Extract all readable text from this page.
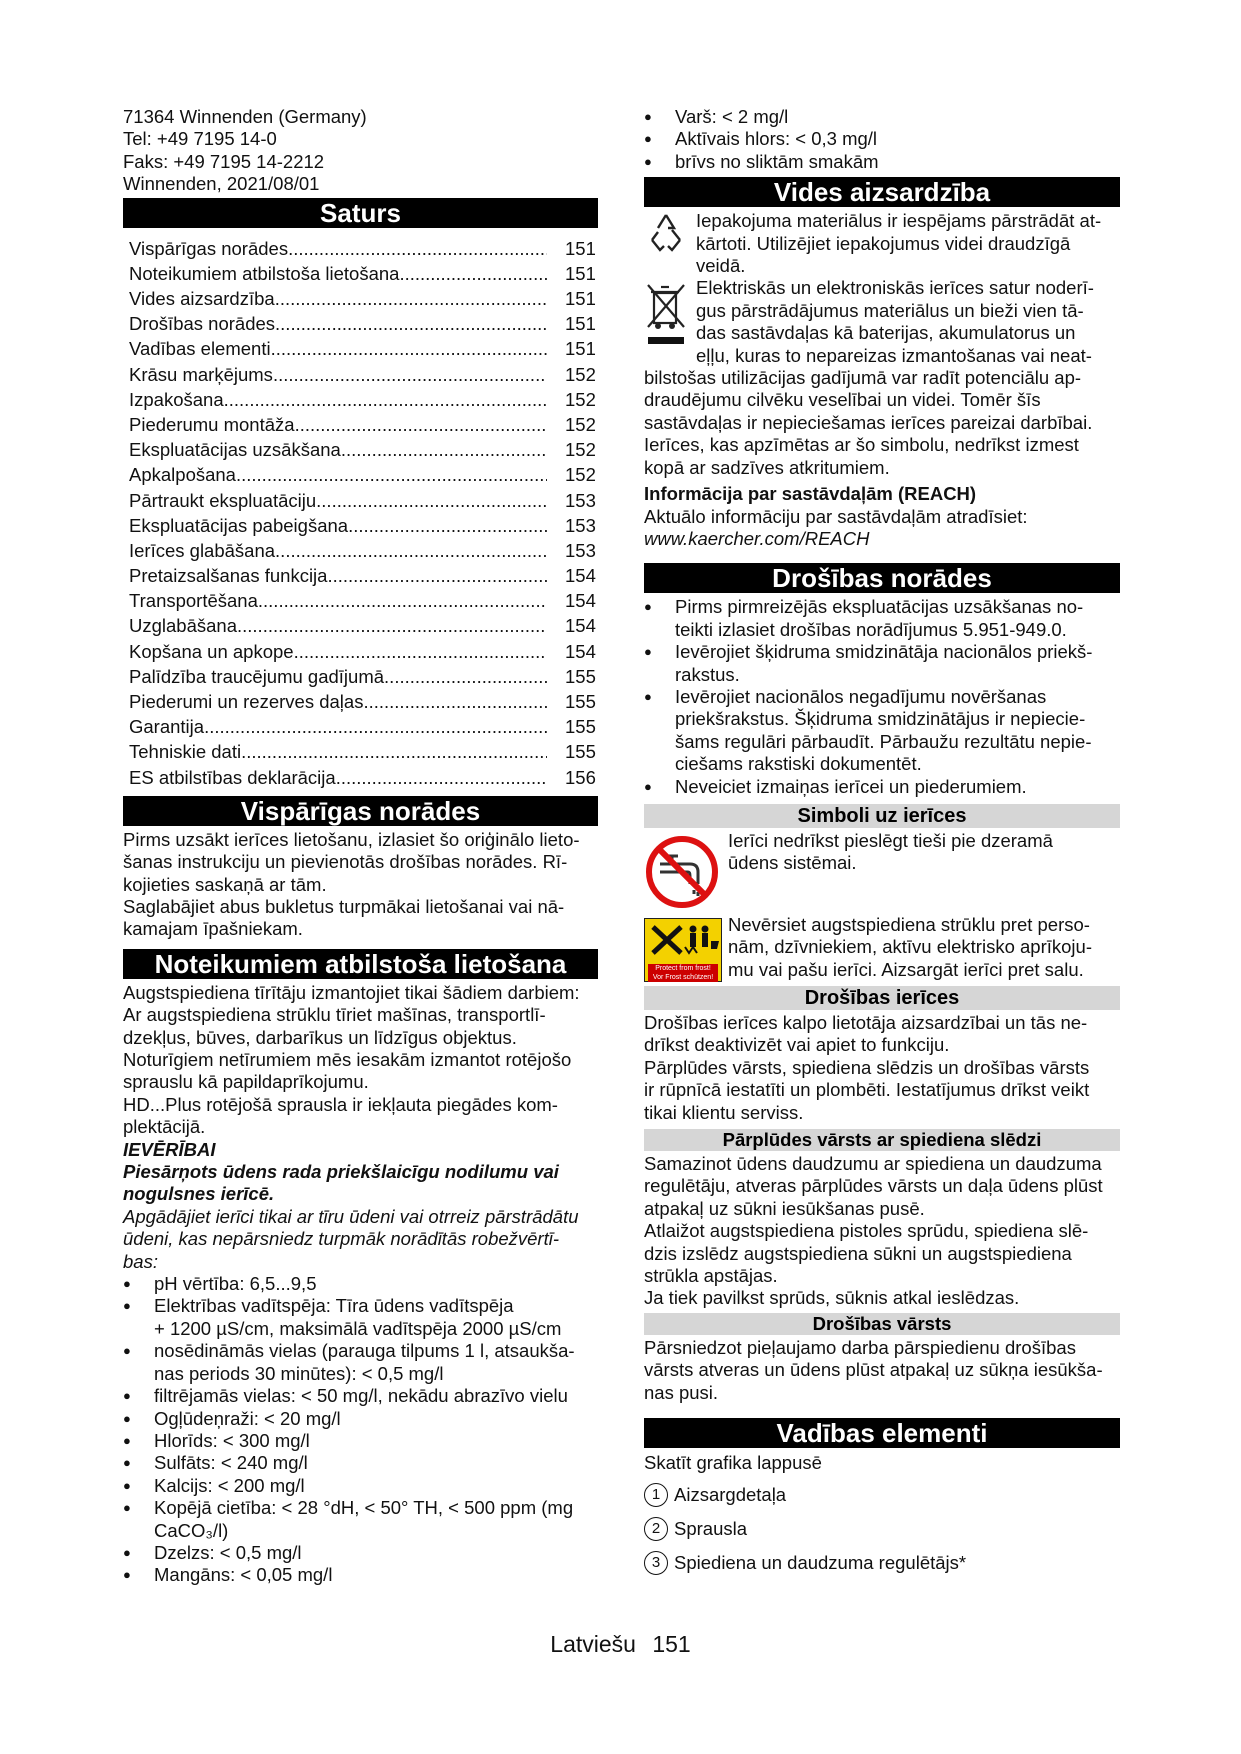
71364 Winnenden (Germany)

Tel: +49 7195 14-0

Faks: +49 7195 14-2212

Winnenden, 2021/08/01

Saturs
Vispārīgas norādes .....	151
Noteikumiem atbilstoša lietošana .....	151
Vides aizsardzība .....	151
Drošības norādes .....	151
Vadības elementi .....	151
Krāsu marķējums .....	152
Izpakošana .....	152
Piederumu montāža .....	152
Ekspluatācijas uzsākšana .....	152
Apkalpošana .....	152
Pārtraukt ekspluatāciju .....	153
Ekspluatācijas pabeigšana .....	153
Ierīces glabāšana .....	153
Pretaizsalšanas funkcija .....	154
Transportēšana .....	154
Uzglabāšana .....	154
Kopšana un apkope .....	154
Palīdzība traucējumu gadījumā .....	155
Piederumi un rezerves daļas .....	155
Garantija .....	155
Tehniskie dati .....	155
ES atbilstības deklarācija .....	156
Vispārīgas norādes

Pirms uzsākt ierīces lietošanu, izlasiet šo oriģinālo lieto-

šanas instrukciju un pievienotās drošības norādes. Rī-

kojieties saskaņā ar tām.

Saglabājiet abus bukletus turpmākai lietošanai vai nā-

kamajam īpašniekam.

Noteikumiem atbilstoša lietošana

Augstspiediena tīrītāju izmantojiet tikai šādiem darbiem:

Ar augstspiediena strūklu tīriet mašīnas, transportlī-

dzekļus, būves, darbarīkus un līdzīgus objektus.

Noturīgiem netīrumiem mēs iesakām izmantot rotējošo

sprauslu kā papildaprīkojumu.

HD...Plus rotējošā sprausla ir iekļauta piegādes kom-

plektācijā.

IEVĒRĪBAI

Piesārņots ūdens rada priekšlaicīgu nodilumu vai

nogulsnes ierīcē.

Apgādājiet ierīci tikai ar tīru ūdeni vai otrreiz pārstrādātu

ūdeni, kas nepārsniedz turpmāk norādītās robežvērtī-

bas:

● pH vērtība: 6,5...9,5
● Elektrības vadītspēja: Tīra ūdens vadītspēja
+ 1200 µS/cm, maksimālā vadītspēja 2000 µS/cm
● nosēdināmās vielas (parauga tilpums 1 l, atsaukša-
nas periods 30 minūtes): < 0,5 mg/l
● filtrējamās vielas: < 50 mg/l, nekādu abrazīvo vielu
● Ogļūdeņraži: < 20 mg/l
● Hlorīds: < 300 mg/l
● Sulfāts: < 240 mg/l
● Kalcijs: < 200 mg/l
● Kopējā cietība: < 28 °dH, < 50° TH, < 500 ppm (mg
CaCO₃/l)
● Dzelzs: < 0,5 mg/l
● Mangāns: < 0,05 mg/l
● Varš: < 2 mg/l
● Aktīvais hlors: < 0,3 mg/l
● brīvs no sliktām smakām
Vides aizsardzība

Iepakojuma materiālus ir iespējams pārstrādāt at-

kārtoti. Utilizējiet iepakojumus videi draudzīgā

veidā.

Elektriskās un elektroniskās ierīces satur noderī-

gus pārstrādājumus materiālus un bieži vien tā-

das sastāvdaļas kā baterijas, akumulatorus un

eļļu, kuras to nepareizas izmantošanas vai neat-

bilstošas utilizācijas gadījumā var radīt potenciālu ap-

draudējumu cilvēku veselībai un videi. Tomēr šīs

sastāvdaļas ir nepieciešamas ierīces pareizai darbībai.

Ierīces, kas apzīmētas ar šo simbolu, nedrīkst izmest

kopā ar sadzīves atkritumiem.

Informācija par sastāvdaļām (REACH)

Aktuālo informāciju par sastāvdaļām atradīsiet:

www.kaercher.com/REACH

Drošības norādes
● Pirms pirmreizējās ekspluatācijas uzsākšanas no-
teikti izlasiet drošības norādījumus 5.951-949.0.
● Ievērojiet šķidruma smidzinātāja nacionālos priekš-
rakstus.
● Ievērojiet nacionālos negadījumu novēršanas
priekšrakstus. Šķidruma smidzinātājus ir nepiecie-
šams regulāri pārbaudīt. Pārbaužu rezultātu nepie-
ciešams rakstiski dokumentēt.
● Neveiciet izmaiņas ierīcei un piederumiem.
Simboli uz ierīces

Ierīci nedrīkst pieslēgt tieši pie dzeramā

ūdens sistēmai.

Protect from frost!
Vor Frost schützen!

Nevērsiet augstspiediena strūklu pret perso-

nām, dzīvniekiem, aktīvu elektrisko aprīkoju-

mu vai pašu ierīci. Aizsargāt ierīci pret salu.

Drošības ierīces

Drošības ierīces kalpo lietotāja aizsardzībai un tās ne-

drīkst deaktivizēt vai apiet to funkciju.

Pārplūdes vārsts, spiediena slēdzis un drošības vārsts

ir rūpnīcā iestatīti un plombēti. Iestatījumus drīkst veikt

tikai klientu serviss.

Pārplūdes vārsts ar spiediena slēdzi

Samazinot ūdens daudzumu ar spiediena un daudzuma

regulētāju, atveras pārplūdes vārsts un daļa ūdens plūst

atpakaļ uz sūkni iesūkšanas pusē.

Atlaižot augstspiediena pistoles sprūdu, spiediena slē-

dzis izslēdz augstspiediena sūkni un augstspiediena

strūkla apstājas.

Ja tiek pavilkst sprūds, sūknis atkal ieslēdzas.

Drošības vārsts

Pārsniedzot pieļaujamo darba pārspiedienu drošības

vārsts atveras un ūdens plūst atpakaļ uz sūkņa iesūkša-

nas pusi.

Vadības elementi

Skatīt grafika lappusē

1 Aizsargdetaļa
2 Sprausla
3 Spiediena un daudzuma regulētājs*
Latviešu 151
